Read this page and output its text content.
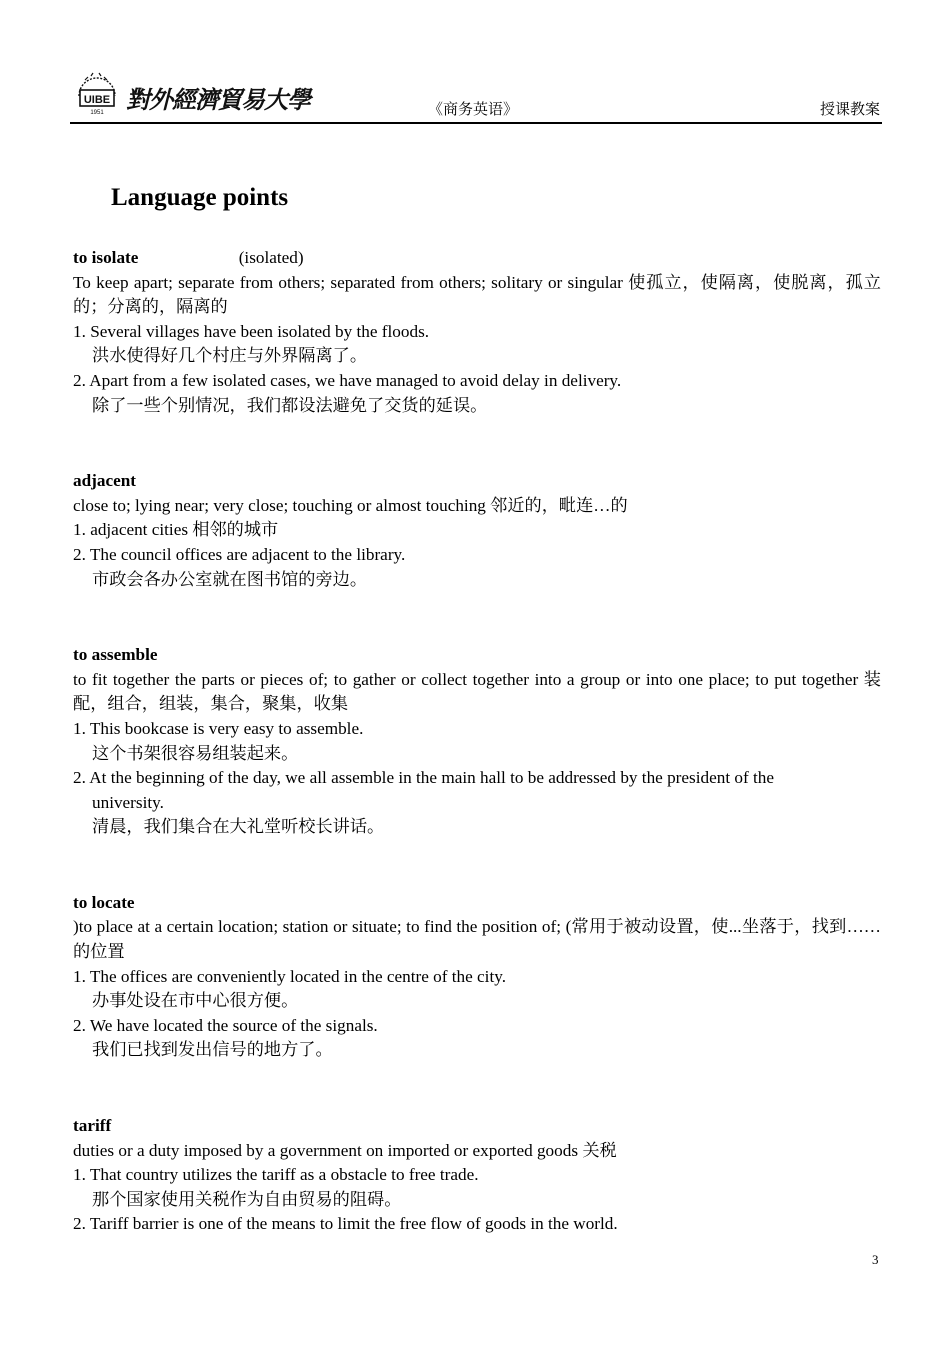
UIBE
1951 對外經濟貿易大學	《商务英语》	授课教案
Language points
to isolate	(isolated)

To keep apart; separate from others; separated from others; solitary or singular 使孤立，使隔离，使脱离，孤立的；分离的，隔离的

1. Several villages have been isolated by the floods.

洪水使得好几个村庄与外界隔离了。

2. Apart from a few isolated cases, we have managed to avoid delay in delivery.

除了一些个别情况，我们都设法避免了交货的延误。

adjacent

close to; lying near; very close; touching or almost touching 邻近的，毗连…的

1. adjacent cities 相邻的城市

2. The council offices are adjacent to the library.

市政会各办公室就在图书馆的旁边。

to assemble

to fit together the parts or pieces of; to gather or collect together into a group or into one place; to put together 装配，组合，组装，集合，聚集，收集

1. This bookcase is very easy to assemble.

这个书架很容易组装起来。

2. At the beginning of the day, we all assemble in the main hall to be addressed by the president of the

university.

清晨，我们集合在大礼堂听校长讲话。

to locate

)to place at a certain location; station or situate; to find the position of; (常用于被动设置，使...坐落于，找到…… 的位置

1. The offices are conveniently located in the centre of the city.

办事处设在市中心很方便。

2. We have located the source of the signals.

我们已找到发出信号的地方了。

tariff

duties or a duty imposed by a government on imported or exported goods 关税

1. That country utilizes the tariff as a obstacle to free trade.

那个国家使用关税作为自由贸易的阻碍。

2. Tariff barrier is one of the means to limit the free flow of goods in the world.

3
